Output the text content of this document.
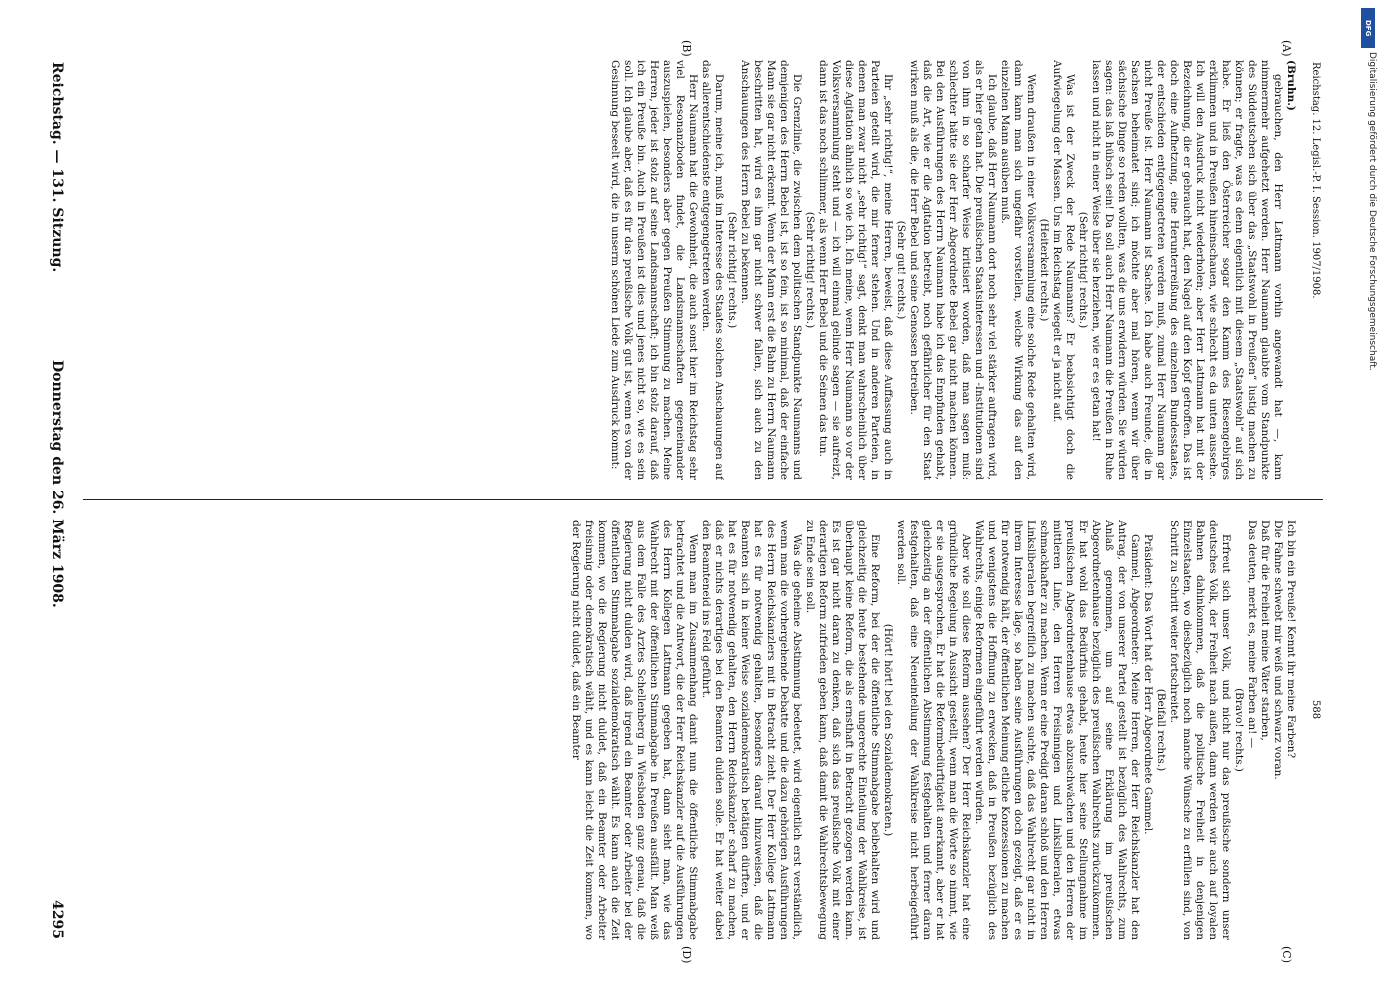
Reichstag. — 131. Sitzung.
Donnerstag den 26. März 1908.
4295
(A)
(B)
(C)
(D)

(Bruhn.)

gebrauchen, den Herr Lattmann vorhin angewandt hat —, kann nimmermehr aufgehetzt werden. Herr Naumann glaubte vom Standpunkte des Süddeutschen sich über das „Staatswohl in Preußen“ lustig machen zu können; er fragte, was es denn eigentlich mit diesem „Staatswohl“ auf sich habe. Er ließ den Österreicher sogar den Kamm des Riesengebirges erklimmen und in Preußen hineinschauen, wie schlecht es da unten aussehe. Ich will den Ausdruck nicht wiederholen; aber Herr Lattmann hat mit der Bezeichnung, die er gebraucht hat, den Nagel auf den Kopf getroffen. Das ist doch eine Aufhetzung, eine Herunterreißung des einzelnen Bundesstaates, der entschieden entgegengetreten werden muß, zumal Herr Naumann gar nicht Preuße ist. Herr Naumann ist Sachse. Ich habe auch Freunde, die in Sachsen beheimatet sind; ich möchte aber mal hören, wenn wir über sächsische Dinge so reden wollten, was die uns erwidern würden. Sie würden sagen: das laß hübsch sein! Da soll auch Herr Naumann die Preußen in Ruhe lassen und nicht in einer Weise über sie herziehen, wie er es getan hat!

(Sehr richtig! rechts.)

Was ist der Zweck der Rede Naumanns? Er beabsichtigt doch die Aufwiegelung der Massen. Uns im Reichstag wiegelt er ja nicht auf.

(Heiterkeit rechts.)

Wenn draußen in einer Volksversammlung eine solche Rede gehalten wird, dann kann man sich ungefähr vorstellen, welche Wirkung das auf den einzelnen Mann ausüben muß.

Ich glaube, daß Herr Naumann dort noch sehr viel stärker auftragen wird, als er hier getan hat. Die preußischen Staatsinteressen und -Institutionen sind von ihm in so scharfer Weise kritisiert worden, daß man sagen muß: schlechter hätte sie der Herr Abgeordnete Bebel gar nicht machen können. Bei den Ausführungen des Herrn Naumann habe ich das Empfinden gehabt, daß die Art, wie er die Agitation betreibt, noch gefährlicher für den Staat wirken muß als die, die Herr Bebel und seine Genossen betreiben.

(Sehr gut! rechts.)

Ihr „sehr richtig!“, meine Herren, beweist, daß diese Auffassung auch in Parteien geteilt wird, die mir ferner stehen. Und in anderen Parteien, in denen man zwar nicht „sehr richtig!“ sagt, denkt man wahrscheinlich über diese Agitation ähnlich so wie ich. Ich meine, wenn Herr Naumann so vor der Volksversammlung steht und — ich will einmal gelinde sagen — sie aufreizt, dann ist das noch schlimmer, als wenn Herr Bebel und die Seinen das tun.

(Sehr richtig! rechts.)

Die Grenzlinie, die zwischen dem politischen Standpunkte Naumanns und demjenigen des Herrn Bebel ist, ist so fein, ist so minimal, daß der einfache Mann sie gar nicht erkennt. Wenn der Mann erst die Bahn zu Herrn Naumann beschritten hat, wird es ihm gar nicht schwer fallen, sich auch zu den Anschauungen des Herrn Bebel zu bekennen.

(Sehr richtig! rechts.)

Darum, meine ich, muß im Interesse des Staates solchen Anschauungen auf das allerentschiedenste entgegengetreten werden.

Herr Naumann hat die Gewohnheit, die auch sonst hier im Reichstag sehr viel Resonanzboden findet, die Landsmannschaften gegeneinander auszuspielen, besonders aber gegen Preußen Stimmung zu machen. Meine Herren, jeder ist stolz auf seine Landsmannschaft; ich bin stolz darauf, daß ich ein Preuße bin. Auch in Preußen ist dies und jenes nicht so, wie es sein soll. Ich glaube aber, daß es für das preußische Volk gut ist, wenn es von der Gesinnung beseelt wird, die in unserm schönen Liede zum Ausdruck kommt:

Ich bin ein Preuße! Kennt ihr meine Farben?

Die Fahne schwebt mir weiß und schwarz voran.

Daß für die Freiheit meine Väter starben,

Das deuten, merkt es, meine Farben an! —

(Bravo! rechts.)

Erfreut sich unser Volk, und nicht nur das preußische sondern unser deutsches Volk, der Freiheit nach außen, dann werden wir auch auf loyalen Bahnen dahinkommen, daß die politische Freiheit in denjenigen Einzelstaaten, wo diesbezüglich noch manche Wünsche zu erfüllen sind, von Schritt zu Schritt weiter fortschreitet.

(Beifall rechts.)

Präsident: Das Wort hat der Herr Abgeordnete Gammel.

Gammel, Abgeordneter: Meine Herren, der Herr Reichskanzler hat den Antrag, der von unserer Partei gestellt ist bezüglich des Wahlrechts, zum Anlaß genommen, um auf seine Erklärung im preußischen Abgeordnetenhause bezüglich des preußischen Wahlrechts zurückzukommen. Er hat wohl das Bedürfnis gehabt, heute hier seine Stellungnahme im preußischen Abgeordnetenhause etwas abzuschwächen und den Herren der mittleren Linie, den Herren Freisinnigen und Linksliberalen, etwas schmackhafter zu machen. Wenn er eine Predigt daran schloß und den Herren Linksliberalen begreiflich zu machen suchte, daß das Wahlrecht gar nicht in ihrem Interesse läge, so haben seine Ausführungen doch gezeigt, daß er es für notwendig hält, der öffentlichen Meinung etliche Konzessionen zu machen und wenigstens die Hoffnung zu erwecken, daß in Preußen bezüglich des Wahlrechts, einige Reformen eingeführt werden würden.

Aber wie soll diese Reform aussehen? Der Herr Reichskanzler hat eine gründliche Regelung in Aussicht gestellt, wenn man die Worte so nimmt, wie er sie ausgesprochen. Er hat die Reformbedürftigkeit anerkannt, aber er hat gleichzeitig an der öffentlichen Abstimmung festgehalten und ferner daran festgehalten, daß eine Neueinteilung der Wahlkreise nicht herbeigeführt werden soll.

(Hört! hört! bei den Sozialdemokraten.)

Eine Reform, bei der die öffentliche Stimmabgabe beibehalten wird und gleichzeitig die heute bestehende ungerechte Einteilung der Wahlkreise, ist überhaupt keine Reform, die als ernsthaft in Betracht gezogen werden kann. Es ist gar nicht daran zu denken, daß sich das preußische Volk mit einer derartigen Reform zufrieden geben kann, daß damit die Wahlrechtsbewegung zu Ende sein soll.

Was die geheime Abstimmung bedeutet, wird eigentlich erst verständlich, wenn man die vorhergehende Debatte und die dazu gehörigen Ausführungen des Herrn Reichskanzlers mit in Betracht zieht. Der Herr Kollege Lattmann hat es für notwendig gehalten, besonders darauf hinzuweisen, daß die Beamten sich in keiner Weise sozialdemokratisch betätigen dürften, und er hat es für notwendig gehalten, den Herrn Reichskanzler scharf zu machen, daß er nichts derartiges bei den Beamten dulden solle. Er hat weiter dabei den Beamteneid ins Feld geführt.

Wenn man im Zusammenhang damit nun die öffentliche Stimmabgabe betrachtet und die Antwort, die der Herr Reichskanzler auf die Ausführungen des Herrn Kollegen Lattmann gegeben hat, dann sieht man, wie das Wahlrecht mit der öffentlichen Stimmabgabe in Preußen ausfällt. Man weiß aus dem Falle des Arztes Schellenberg in Wiesbaden ganz genau, daß die Regierung nicht dulden wird, daß irgend ein Beamter oder Arbeiter bei der öffentlichen Stimmabgabe sozialdemokratisch wählt. Es kann auch die Zeit kommen, wo die Regierung nicht duldet, daß ein Beamter oder Arbeiter freisinnig oder demokratisch wählt, und es kann leicht die Zeit kommen, wo der Regierung nicht duldet, daß ein Beamter

Reichstag. 12. Legisl.-P. I. Session. 1907/1908.
588
DFG
Digitalisierung gefördert durch die Deutsche Forschungsgemeinschaft.
